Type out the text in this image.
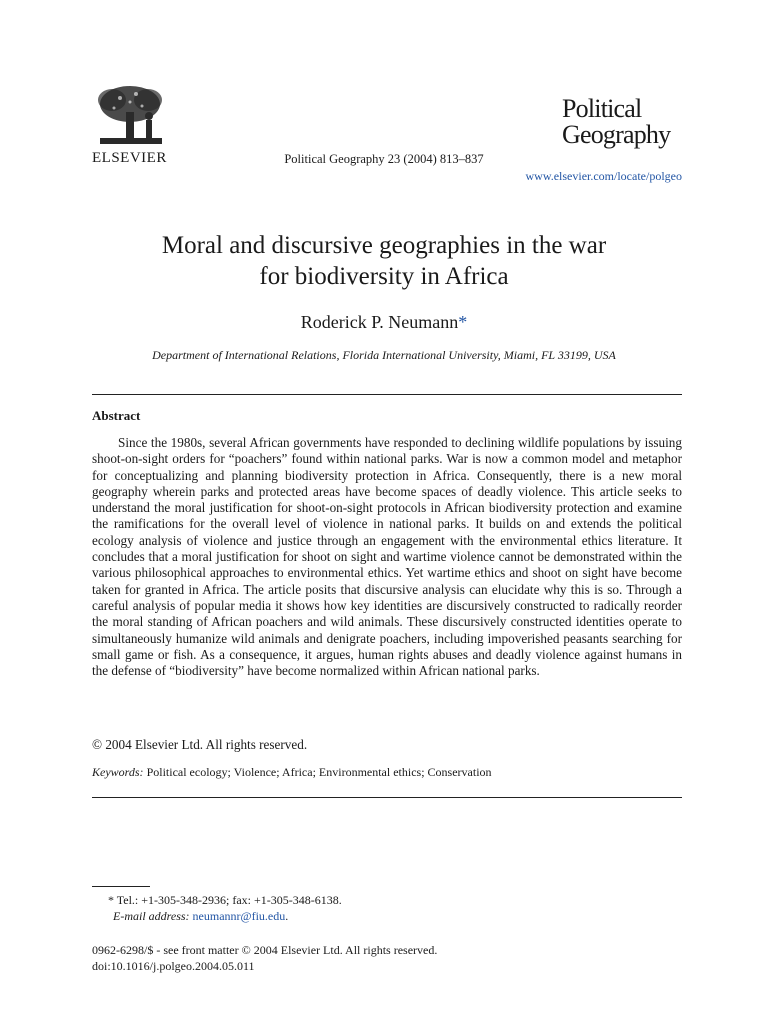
ELSEVIER	Political Geography 23 (2004) 813–837
Political
Geography
www.elsevier.com/locate/polgeo
Moral and discursive geographies in the war
for biodiversity in Africa
Roderick P. Neumann*
Department of International Relations, Florida International University, Miami, FL 33199, USA
Abstract

Since the 1980s, several African governments have responded to declining wildlife populations by issuing shoot-on-sight orders for “poachers” found within national parks. War is now a common model and metaphor for conceptualizing and planning biodiversity protection in Africa. Consequently, there is a new moral geography wherein parks and protected areas have become spaces of deadly violence. This article seeks to understand the moral justification for shoot-on-sight protocols in African biodiversity protection and examine the ramifications for the overall level of violence in national parks. It builds on and extends the political ecology analysis of violence and justice through an engagement with the environmental ethics literature. It concludes that a moral justification for shoot on sight and wartime violence cannot be demonstrated within the various philosophical approaches to environmental ethics. Yet wartime ethics and shoot on sight have become taken for granted in Africa. The article posits that discursive analysis can elucidate why this is so. Through a careful analysis of popular media it shows how key identities are discursively constructed to radically reorder the moral standing of African poachers and wild animals. These discursively constructed identities operate to simultaneously humanize wild animals and denigrate poachers, including impoverished peasants searching for small game or fish. As a consequence, it argues, human rights abuses and deadly violence against humans in the defense of “biodiversity” have become normalized within African national parks.

© 2004 Elsevier Ltd. All rights reserved.
Keywords: Political ecology; Violence; Africa; Environmental ethics; Conservation
* Tel.: +1-305-348-2936; fax: +1-305-348-6138.
E-mail address: neumannr@fiu.edu.
0962-6298/$ - see front matter © 2004 Elsevier Ltd. All rights reserved.
doi:10.1016/j.polgeo.2004.05.011
